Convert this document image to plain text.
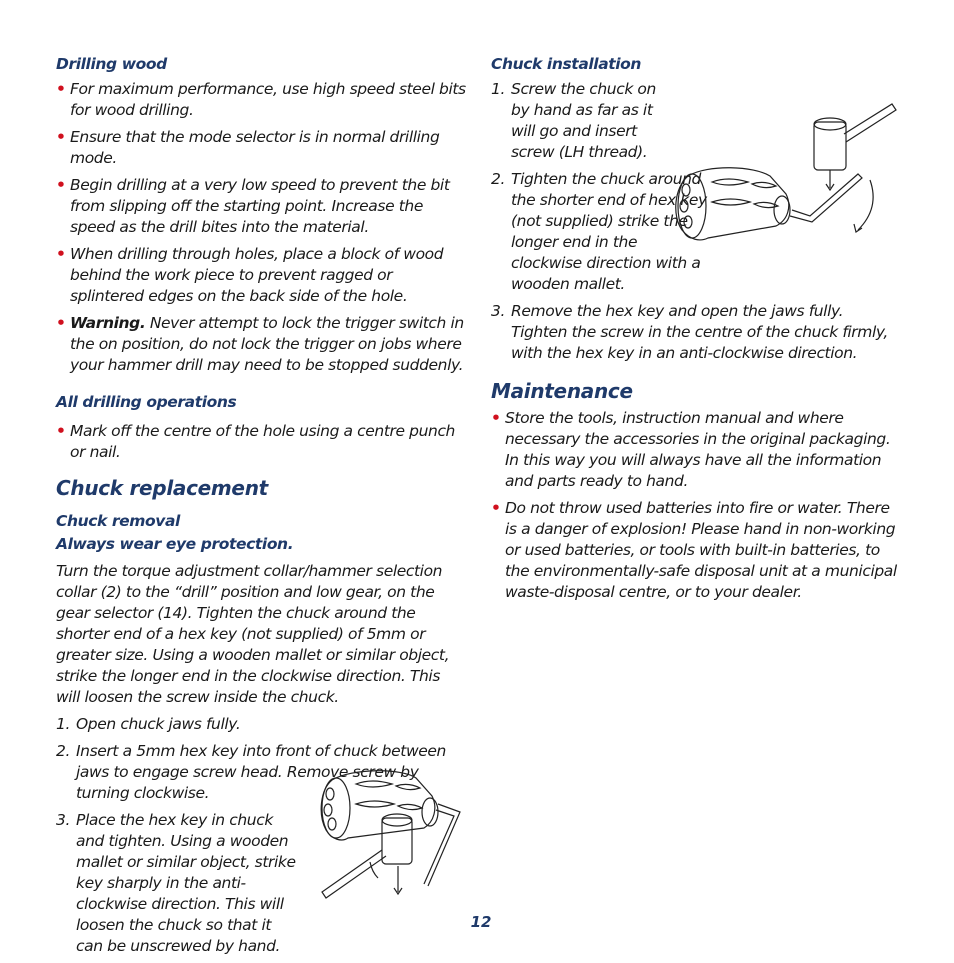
Drilling wood
• For maximum performance, use high speed steel bits for wood drilling.
• Ensure that the mode selector is in normal drilling mode.
• Begin drilling at a very low speed to prevent the bit from slipping off the starting point. Increase the speed as the drill bites into the material.
• When drilling through holes, place a block of wood behind the work piece to prevent ragged or splintered edges on the back side of the hole.
• Warning. Never attempt to lock the trigger switch in the on position, do not lock the trigger on jobs where your hammer drill may need to be stopped suddenly.
All drilling operations
• Mark off the centre of the hole using a centre punch or nail.
Chuck replacement
Chuck removal
Always wear eye protection.

Turn the torque adjustment collar/hammer selection collar (2) to the “drill” position and low gear, on the gear selector (14). Tighten the chuck around the shorter end of a hex key (not supplied) of 5mm or greater size. Using a wooden mallet or similar object, strike the longer end in the clockwise direction. This will loosen the screw inside the chuck.

1. Open chuck jaws fully.
2. Insert a 5mm hex key into front of chuck between jaws to engage screw head. Remove screw by turning clockwise.
3. Place the hex key in chuck and tighten. Using a wooden mallet or similar object, strike key sharply in the anti-clockwise direction. This will loosen the chuck so that it can be unscrewed by hand.
Chuck installation
1. Screw the chuck on by hand as far as it will go and insert screw (LH thread).
2. Tighten the chuck around the shorter end of hex key (not supplied) strike the longer end in the clockwise direction with a wooden mallet.
3. Remove the hex key and open the jaws fully. Tighten the screw in the centre of the chuck firmly, with the hex key in an anti-clockwise direction.
Maintenance
• Store the tools, instruction manual and where necessary the accessories in the original packaging. In this way you will always have all the information and parts ready to hand.
• Do not throw used batteries into fire or water. There is a danger of explosion! Please hand in non-working or used batteries, or tools with built-in batteries, to the environmentally-safe disposal unit at a municipal waste-disposal centre, or to your dealer.
12
